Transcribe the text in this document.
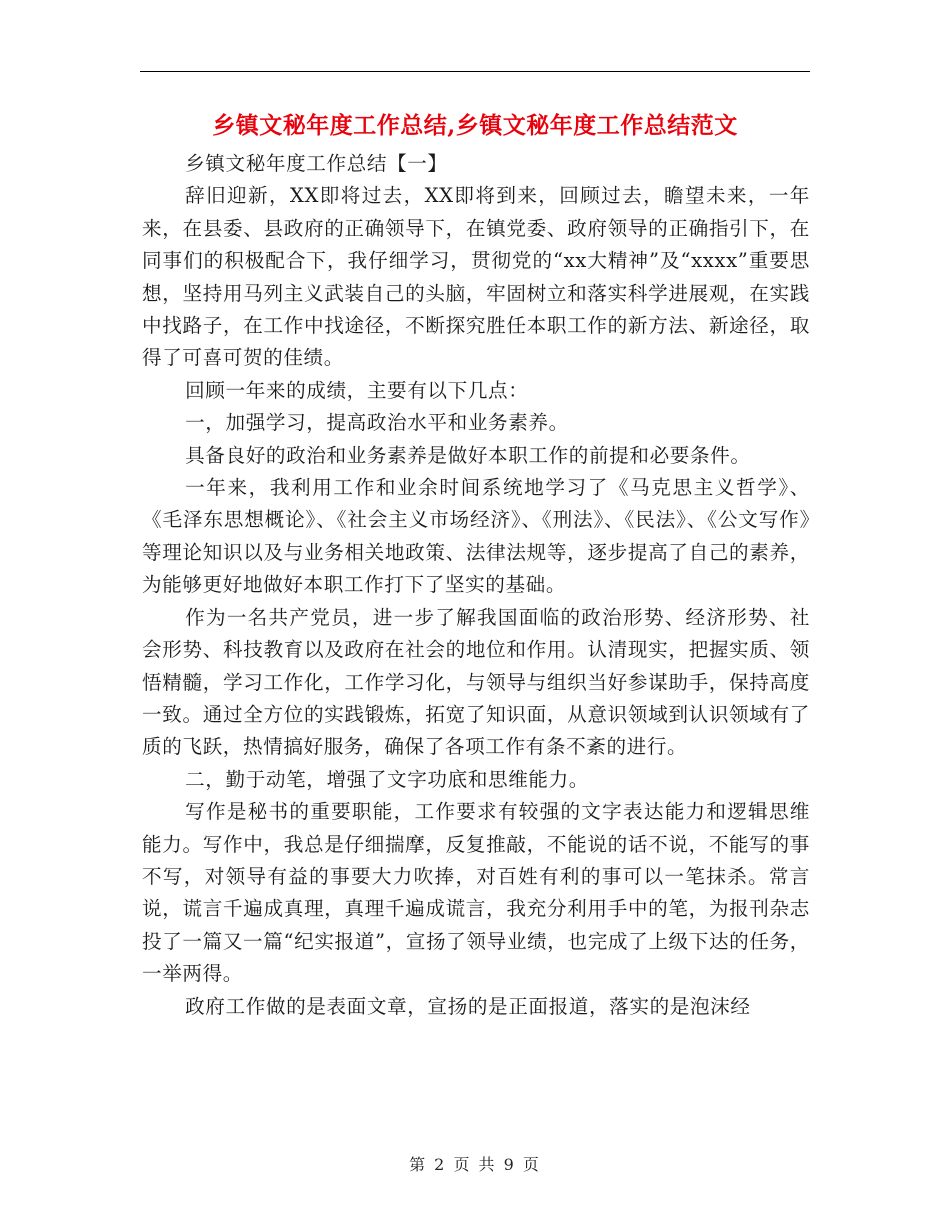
乡镇文秘年度工作总结,乡镇文秘年度工作总结范文

乡镇文秘年度工作总结【一】

辞旧迎新，XX即将过去，XX即将到来，回顾过去，瞻望未来，一年来，在县委、县政府的正确领导下，在镇党委、政府领导的正确指引下，在同事们的积极配合下，我仔细学习，贯彻党的“xx大精神”及“xxxx”重要思想，坚持用马列主义武装自己的头脑，牢固树立和落实科学进展观，在实践中找路子，在工作中找途径，不断探究胜任本职工作的新方法、新途径，取得了可喜可贺的佳绩。

回顾一年来的成绩，主要有以下几点：

一，加强学习，提高政治水平和业务素养。

具备良好的政治和业务素养是做好本职工作的前提和必要条件。

一年来，我利用工作和业余时间系统地学习了《马克思主义哲学》、《毛泽东思想概论》、《社会主义市场经济》、《刑法》、《民法》、《公文写作》等理论知识以及与业务相关地政策、法律法规等，逐步提高了自己的素养，为能够更好地做好本职工作打下了坚实的基础。

作为一名共产党员，进一步了解我国面临的政治形势、经济形势、社会形势、科技教育以及政府在社会的地位和作用。认清现实，把握实质、领悟精髓，学习工作化，工作学习化，与领导与组织当好参谋助手，保持高度一致。通过全方位的实践锻炼，拓宽了知识面，从意识领域到认识领域有了质的飞跃，热情搞好服务，确保了各项工作有条不紊的进行。

二，勤于动笔，增强了文字功底和思维能力。

写作是秘书的重要职能，工作要求有较强的文字表达能力和逻辑思维能力。写作中，我总是仔细揣摩，反复推敲，不能说的话不说，不能写的事不写，对领导有益的事要大力吹捧，对百姓有利的事可以一笔抹杀。常言说，谎言千遍成真理，真理千遍成谎言，我充分利用手中的笔，为报刊杂志投了一篇又一篇“纪实报道”，宣扬了领导业绩，也完成了上级下达的任务，一举两得。

政府工作做的是表面文章，宣扬的是正面报道，落实的是泡沫经

第 2 页 共 9 页
